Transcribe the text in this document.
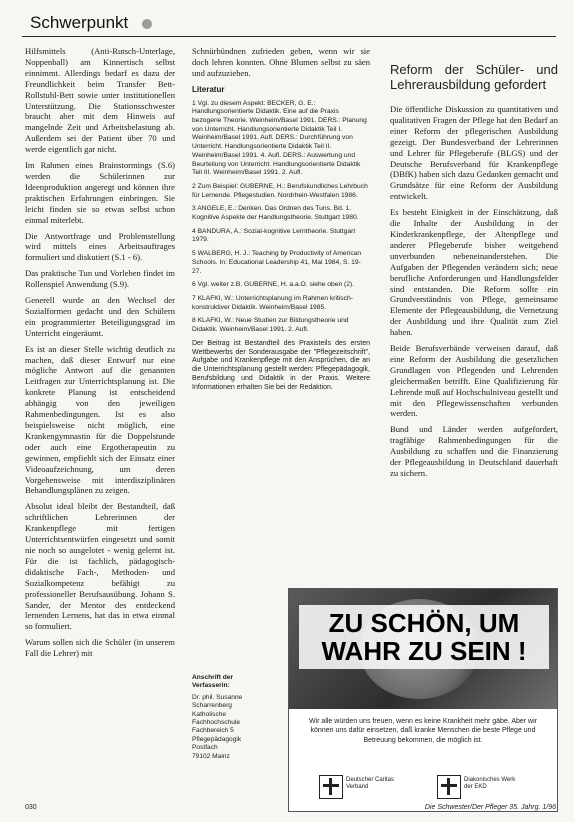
Schwerpunkt

Hilfsmittels (Anti-Rutsch-Unterlage, Noppenball) am Kinnertisch selbst einnimmt. Allerdings bedarf es dazu der Freundlichkeit beim Transfer Bett-Rollstuhl-Bett sowie unter institutionellen Unterstützung. Die Stationsschwester braucht aber mit dem Hinweis auf mangelnde Zeit und Arbeitsbelastung ab. Außerdem sei der Patient über 70 und werde eigentlich gar nicht.

Im Rahmen eines Brainstormings (S.6) werden die Schülerinnen zur Ideenproduktion angeregt und können ihre praktischen Erfahrungen einbringen. Sie leicht finden sie so etwas selbst schon einmal miterlebt.

Die Antwortfrage und Problemstellung wird mittels eines Arbeitsauftrages formuliert und diskutiert (S.1 - 6).

Das praktische Tun und Vorleben findet im Rollenspiel Anwendung (S.9).

Generell wurde an den Wechsel der Sozialformen gedacht und den Schülern ein programmierter Beteiligungsgrad im Unterricht eingeräumt.

Es ist an dieser Stelle wichtig deutlich zu machen, daß dieser Entwurf nur eine mögliche Antwort auf die genannten Leitfragen zur Unterrichtsplanung ist. Die konkrete Planung ist entscheidend abhängig von den jeweiligen Rahmenbedingungen. Ist es also beispielsweise nicht möglich, eine Krankengymnastin für die Doppelstunde oder auch eine Ergotherapeutin zu gewinnen, empfiehlt sich der Einsatz einer Videoaufzeichnung, um deren Vorgehensweise mit interdisziplinären Behandlungsplänen zu zeigen.

Absolut ideal bleibt der Bestandteil, daß schriftlichen Lehrerinnen der Krankenpflege mit fertigen Unterrichtsentwürfen eingesetzt und somit nie noch so ausgelotet - wenig gelernt ist. Für die ist fachlich, pädagogisch-didaktische Fach-, Methoden- und Sozialkompetenz befähigt zu professioneller Berufsausübung. Johann S. Sander, der Mentor des entdeckend lernenden Lernens, hat das in etwa einmal so formuliert.

Warum sollen sich die Schüler (in unserem Fall die Lehrer) mit

Schnürbündnen zufrieden geben, wenn wir sie doch lehren konnten. Ohne Blumen selbst zu säen und aufzuziehen.

Literatur

1 Vgl. zu diesem Aspekt: BECKER, G. E.: Handlungsorientierte Didaktik. Eine auf die Praxis bezogene Theorie. Weinheim/Basel 1991. DERS.: Planung von Unterricht. Handlungsorientierte Didaktik Teil I. Weinheim/Basel 1991. Aufl. DERS.: Durchführung von Unterricht. Handlungsorientierte Didaktik Teil II. Weinheim/Basel 1991. 4. Aufl. DERS.: Auswertung und Beurteilung von Unterricht. Handlungsorientierte Didaktik Teil III. Weinheim/Basel 1991. 2. Aufl.

2 Zum Beispiel: GUBERNE, H.: Berufskundliches Lehrbuch für Lernende. Pflegestudien. Nordrhein-Westfalen 1986.

3 ANGELE, E.: Denken. Das Ordnen des Tuns. Bd. 1. Kognitive Aspekte der Handlungstheorie. Stuttgart 1980.

4 BANDURA, A.: Sozial-kognitive Lerntheorie. Stuttgart 1979.

5 WALBERG, H. J.: Teaching by Productivity of American Schools. In: Educational Leadership 41, Mai 1984, S. 19-27.

6 Vgl. weiter z.B. GUBERNE, H. a.a.O. siehe oben (2).

7 KLAFKI, W.: Unterrichtsplanung im Rahmen kritisch-konstruktiver Didaktik. Weinheim/Basel 1985.

8 KLAFKI, W.: Neue Studien zur Bildungstheorie und Didaktik. Weinheim/Basel 1991. 2. Aufl.

Der Beitrag ist Bestandteil des Praxisteils des ersten Wettbewerbs der Sonderausgabe der "Pflegezeitschrift", Aufgabe und Krankenpflege mit den Ansprüchen, die an die Unterrichtsplanung gestellt werden: Pflegepädagogik, Berufsbildung und Didaktik in der Praxis. Weitere Informationen erhalten Sie bei der Redaktion.

Anschrift der Verfasserin:
Dr. phil. Susanne
Scharrenberg
Katholische Fachhochschule
Fachbereich 5
Pflegepädagogik
Postfach
79102 Mainz
Reform der Schüler- und Lehrerausbildung gefordert

Die öffentliche Diskussion zu quantitativen und qualitativen Fragen der Pflege hat den Bedarf an einer Reform der pflegerischen Ausbildung gezeigt. Der Bundesverband der Lehrerinnen und Lehrer für Pflegeberufe (BLGS) und der Deutsche Berufsverband für Krankenpflege (DBfK) haben sich dazu Gedanken gemacht und Grundsätze für eine Reform der Ausbildung entwickelt.

Es besteht Einigkeit in der Einschätzung, daß die Inhalte der Ausbildung in der Kinderkrankenpflege, der Altenpflege und anderer Pflegeberufe bisher weitgehend unverbunden nebeneinanderstehen. Die Aufgaben der Pflegenden verändern sich; neue berufliche Anforderungen und Handlungsfelder sind entstanden. Die Reform sollte ein Grundverständnis von Pflege, gemeinsame Elemente der Pflegeausbildung, die Vernetzung der Ausbildung und ihre Qualität zum Ziel haben.

Beide Berufsverbände verweisen darauf, daß eine Reform der Ausbildung die gesetzlichen Grundlagen von Pflegenden und Lehrenden gleichermaßen betrifft. Eine Qualifizierung für Lehrende muß auf Hochschulniveau gestellt und mit den Pflegewissenschaften verbunden werden.

Bund und Länder werden aufgefordert, tragfähige Rahmenbedingungen für die Ausbildung zu schaffen und die Finanzierung der Pflegeausbildung in Deutschland dauerhaft zu sichern.

ZU SCHÖN, UM WAHR ZU SEIN !
Wir alle würden uns freuen, wenn es keine Krankheit mehr gäbe. Aber wir können uns dafür einsetzen, daß kranke Menschen die beste Pflege und Betreuung bekommen, die möglich ist.
Deutscher Caritas Verband
Diakonisches Werk der EKD
030	Die Schwester/Der Pfleger 35. Jahrg. 1/96
